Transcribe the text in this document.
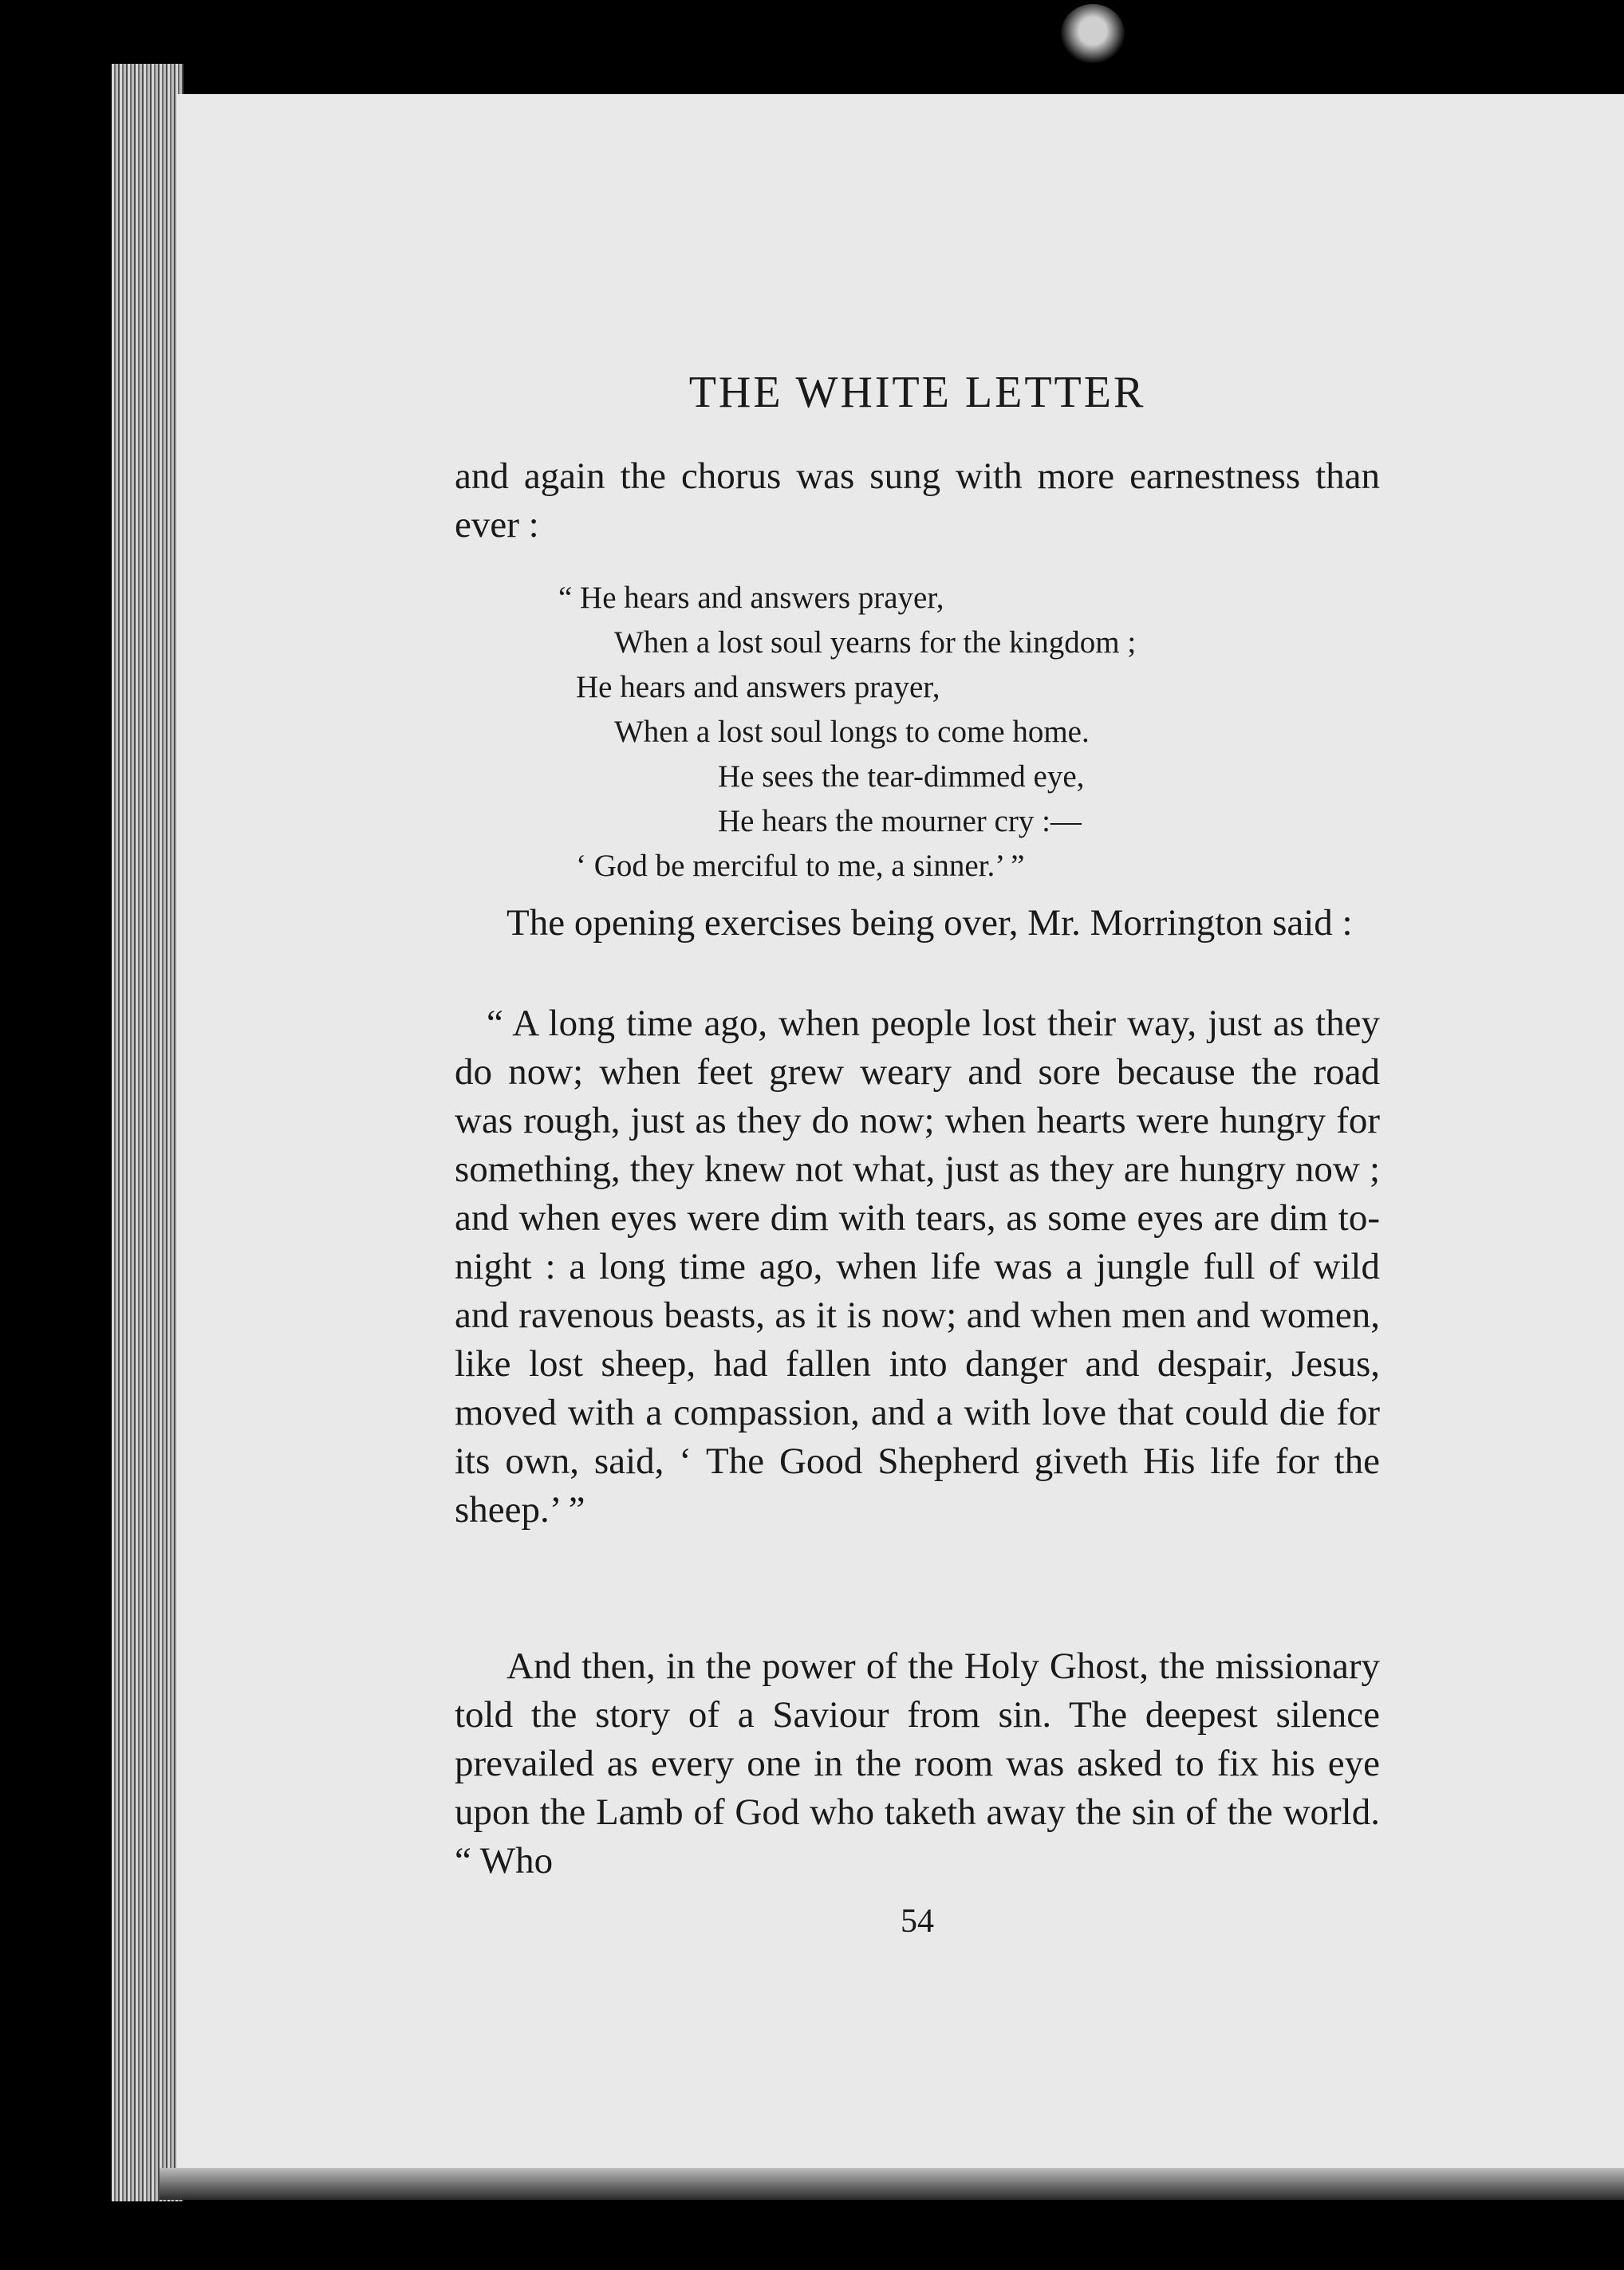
THE WHITE LETTER

and again the chorus was sung with more earnestness than ever :

“ He hears and answers prayer,
When a lost soul yearns for the kingdom ;
He hears and answers prayer,
When a lost soul longs to come home.
He sees the tear-dimmed eye,
He hears the mourner cry :—
‘ God be merciful to me, a sinner.’ ”

The opening exercises being over, Mr. Morrington said :

“ A long time ago, when people lost their way, just as they do now; when feet grew weary and sore because the road was rough, just as they do now; when hearts were hungry for something, they knew not what, just as they are hungry now ; and when eyes were dim with tears, as some eyes are dim to-night : a long time ago, when life was a jungle full of wild and ravenous beasts, as it is now; and when men and women, like lost sheep, had fallen into danger and despair, Jesus, moved with a compassion, and a with love that could die for its own, said, ‘ The Good Shepherd giveth His life for the sheep.’ ”

And then, in the power of the Holy Ghost, the missionary told the story of a Saviour from sin. The deepest silence prevailed as every one in the room was asked to fix his eye upon the Lamb of God who taketh away the sin of the world. “ Who

54
